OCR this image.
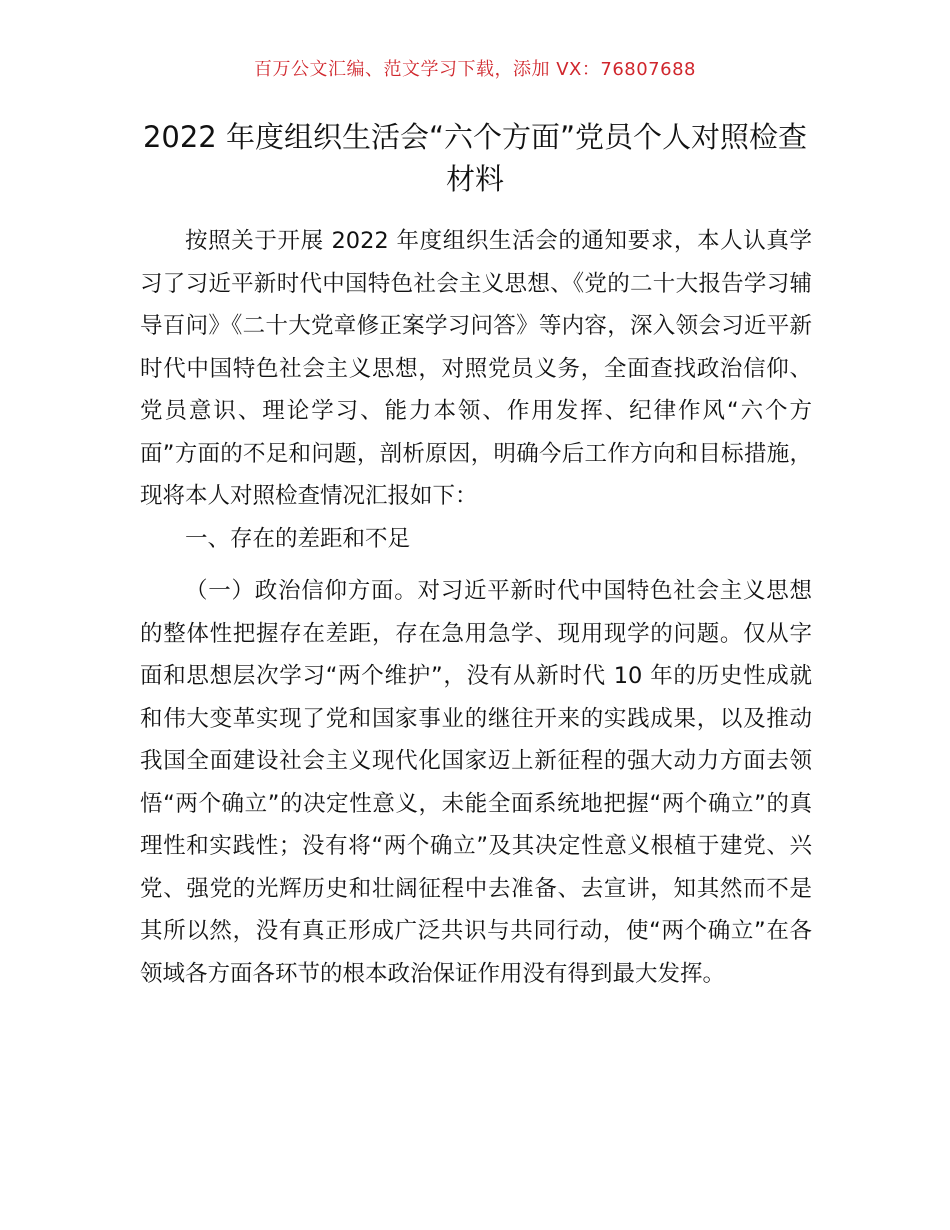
百万公文汇编、范文学习下载，添加 VX：76807688
2022 年度组织生活会“六个方面”党员个人对照检查材料

按照关于开展 2022 年度组织生活会的通知要求，本人认真学习了习近平新时代中国特色社会主义思想、《党的二十大报告学习辅导百问》《二十大党章修正案学习问答》等内容，深入领会习近平新时代中国特色社会主义思想，对照党员义务，全面查找政治信仰、党员意识、理论学习、能力本领、作用发挥、纪律作风“六个方面”方面的不足和问题，剖析原因，明确今后工作方向和目标措施，现将本人对照检查情况汇报如下：

一、存在的差距和不足

（一）政治信仰方面。对习近平新时代中国特色社会主义思想的整体性把握存在差距，存在急用急学、现用现学的问题。仅从字面和思想层次学习“两个维护”，没有从新时代 10 年的历史性成就和伟大变革实现了党和国家事业的继往开来的实践成果，以及推动我国全面建设社会主义现代化国家迈上新征程的强大动力方面去领悟“两个确立”的决定性意义，未能全面系统地把握“两个确立”的真理性和实践性；没有将“两个确立”及其决定性意义根植于建党、兴党、强党的光辉历史和壮阔征程中去准备、去宣讲，知其然而不是其所以然，没有真正形成广泛共识与共同行动，使“两个确立”在各领域各方面各环节的根本政治保证作用没有得到最大发挥。
